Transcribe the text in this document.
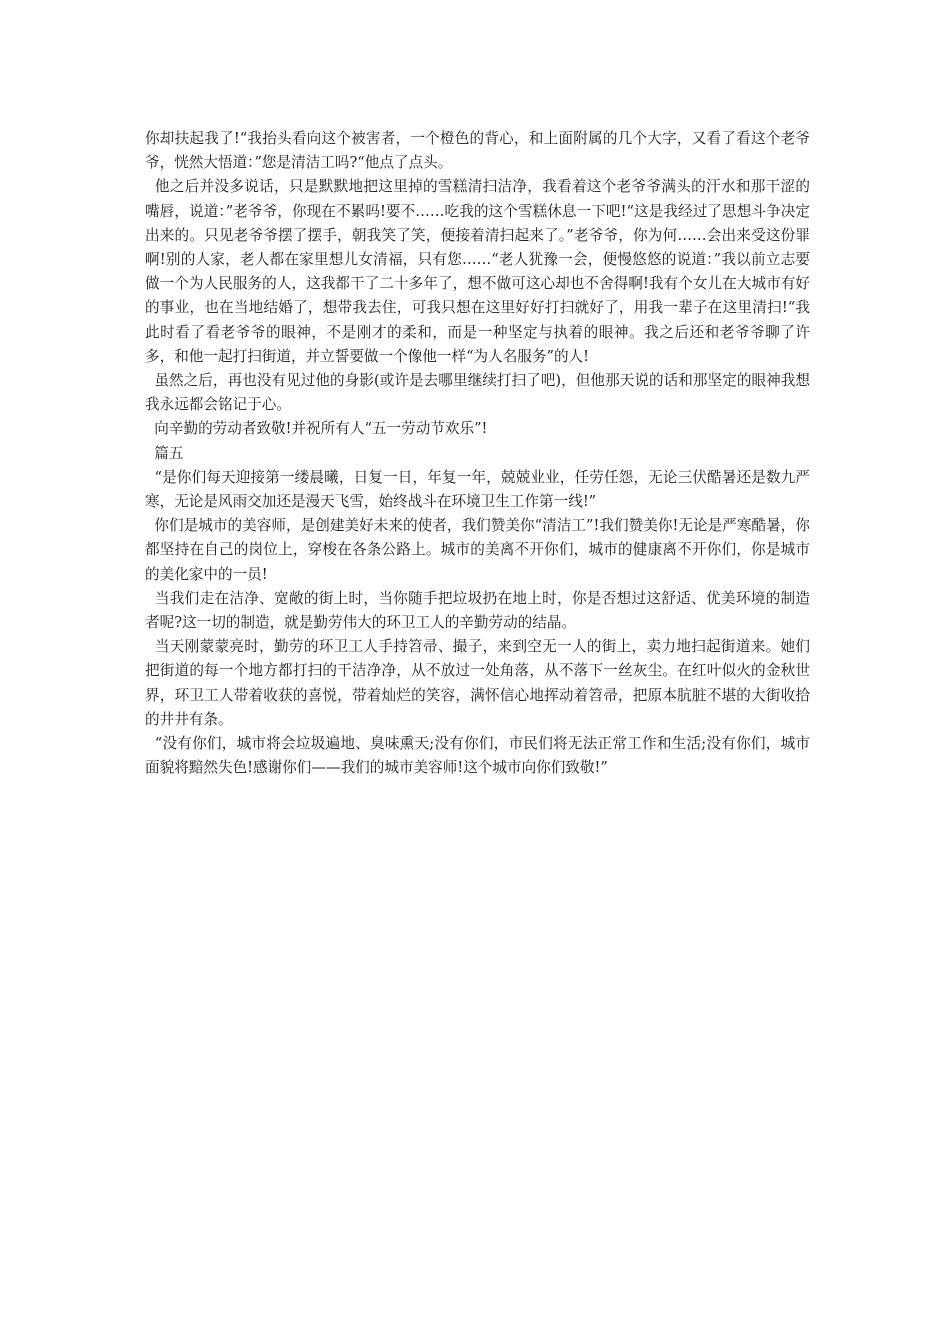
你却扶起我了!“我抬头看向这个被害者，一个橙色的背心，和上面附属的几个大字，又看了看这个老爷爷，恍然大悟道：”您是清洁工吗?“他点了点头。

他之后并没多说话，只是默默地把这里掉的雪糕清扫洁净，我看着这个老爷爷满头的汗水和那干涩的嘴唇，说道：”老爷爷，你现在不累吗!要不……吃我的这个雪糕休息一下吧!“这是我经过了思想斗争决定出来的。只见老爷爷摆了摆手，朝我笑了笑，便接着清扫起来了。”老爷爷，你为何……会出来受这份罪啊!别的人家，老人都在家里想儿女清福，只有您……“老人犹豫一会，便慢悠悠的说道：”我以前立志要做一个为人民服务的人，这我都干了二十多年了，想不做可这心却也不舍得啊!我有个女儿在大城市有好的事业，也在当地结婚了，想带我去住，可我只想在这里好好打扫就好了，用我一辈子在这里清扫!“我此时看了看老爷爷的眼神，不是刚才的柔和，而是一种坚定与执着的眼神。我之后还和老爷爷聊了许多，和他一起打扫街道，并立誓要做一个像他一样“为人名服务”的人!

虽然之后，再也没有见过他的身影(或许是去哪里继续打扫了吧)，但他那天说的话和那坚定的眼神我想我永远都会铭记于心。

向辛勤的劳动者致敬!并祝所有人“五一劳动节欢乐”!

篇五

“是你们每天迎接第一缕晨曦，日复一日，年复一年，兢兢业业，任劳任怨，无论三伏酷暑还是数九严寒，无论是风雨交加还是漫天飞雪，始终战斗在环境卫生工作第一线!”

你们是城市的美容师，是创建美好未来的使者，我们赞美你“清洁工”!我们赞美你!无论是严寒酷暑，你都坚持在自己的岗位上，穿梭在各条公路上。城市的美离不开你们，城市的健康离不开你们，你是城市的美化家中的一员!

当我们走在洁净、宽敞的街上时，当你随手把垃圾扔在地上时，你是否想过这舒适、优美环境的制造者呢?这一切的制造，就是勤劳伟大的环卫工人的辛勤劳动的结晶。

当天刚蒙蒙亮时，勤劳的环卫工人手持笤帚、撮子，来到空无一人的街上，卖力地扫起街道来。她们把街道的每一个地方都打扫的干洁净净，从不放过一处角落，从不落下一丝灰尘。在红叶似火的金秋世界，环卫工人带着收获的喜悦，带着灿烂的笑容，满怀信心地挥动着笤帚，把原本肮脏不堪的大街收拾的井井有条。

“没有你们，城市将会垃圾遍地、臭味熏天;没有你们，市民们将无法正常工作和生活;没有你们，城市面貌将黯然失色!感谢你们——我们的城市美容师!这个城市向你们致敬!”
